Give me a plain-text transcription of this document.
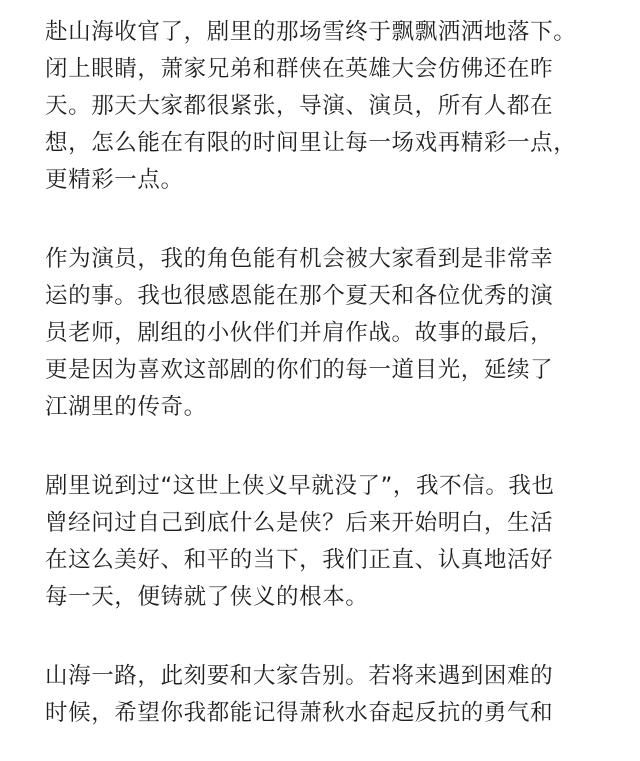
赴山海收官了，剧里的那场雪终于飘飘洒洒地落下。
闭上眼睛，萧家兄弟和群侠在英雄大会仿佛还在昨
天。那天大家都很紧张，导演、演员，所有人都在
想，怎么能在有限的时间里让每一场戏再精彩一点，
更精彩一点。

作为演员，我的角色能有机会被大家看到是非常幸
运的事。我也很感恩能在那个夏天和各位优秀的演
员老师，剧组的小伙伴们并肩作战。故事的最后，
更是因为喜欢这部剧的你们的每一道目光，延续了
江湖里的传奇。

剧里说到过“这世上侠义早就没了”，我不信。我也
曾经问过自己到底什么是侠？后来开始明白，生活
在这么美好、和平的当下，我们正直、认真地活好
每一天，便铸就了侠义的根本。

山海一路，此刻要和大家告别。若将来遇到困难的
时候，希望你我都能记得萧秋水奋起反抗的勇气和
